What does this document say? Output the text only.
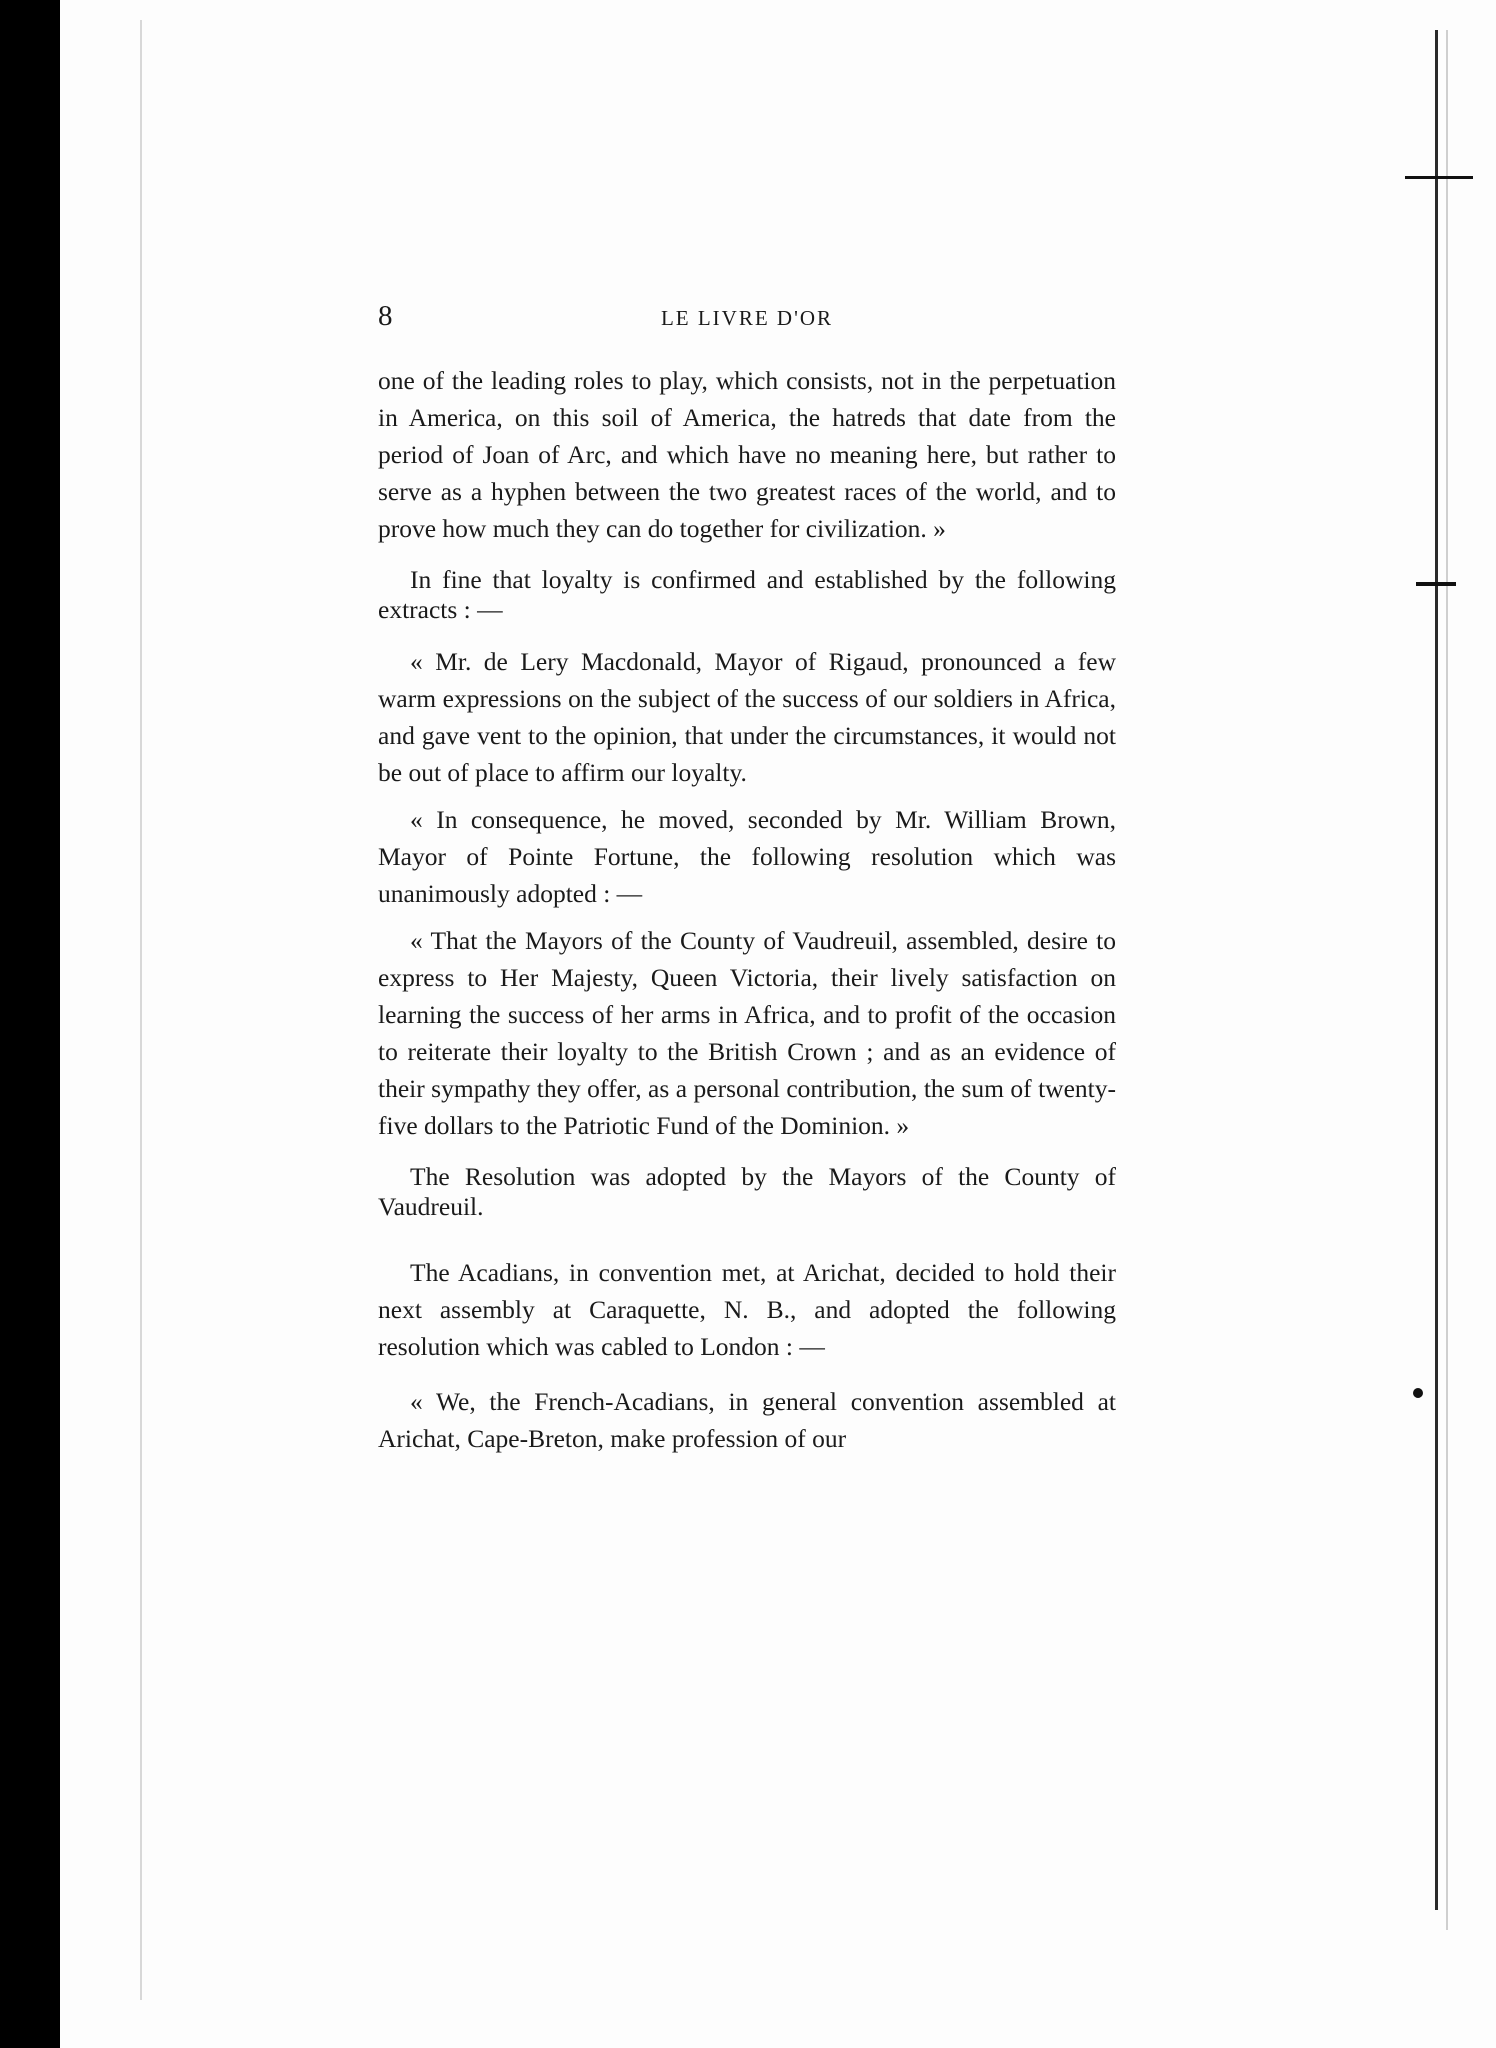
8	LE LIVRE D'OR

one of the leading roles to play, which consists, not in the perpetuation in America, on this soil of America, the hatreds that date from the period of Joan of Arc, and which have no meaning here, but rather to serve as a hyphen between the two greatest races of the world, and to prove how much they can do together for civilization. »

In fine that loyalty is confirmed and established by the following extracts : —

« Mr. de Lery Macdonald, Mayor of Rigaud, pronounced a few warm expressions on the subject of the success of our soldiers in Africa, and gave vent to the opinion, that under the circumstances, it would not be out of place to affirm our loyalty.

« In consequence, he moved, seconded by Mr. William Brown, Mayor of Pointe Fortune, the following resolution which was unanimously adopted : —

« That the Mayors of the County of Vaudreuil, assembled, desire to express to Her Majesty, Queen Victoria, their lively satisfaction on learning the success of her arms in Africa, and to profit of the occasion to reiterate their loyalty to the British Crown ; and as an evidence of their sympathy they offer, as a personal contribution, the sum of twenty-five dollars to the Patriotic Fund of the Dominion. »

The Resolution was adopted by the Mayors of the County of Vaudreuil.

The Acadians, in convention met, at Arichat, decided to hold their next assembly at Caraquette, N. B., and adopted the following resolution which was cabled to London : —

« We, the French-Acadians, in general convention assembled at Arichat, Cape-Breton, make profession of our
